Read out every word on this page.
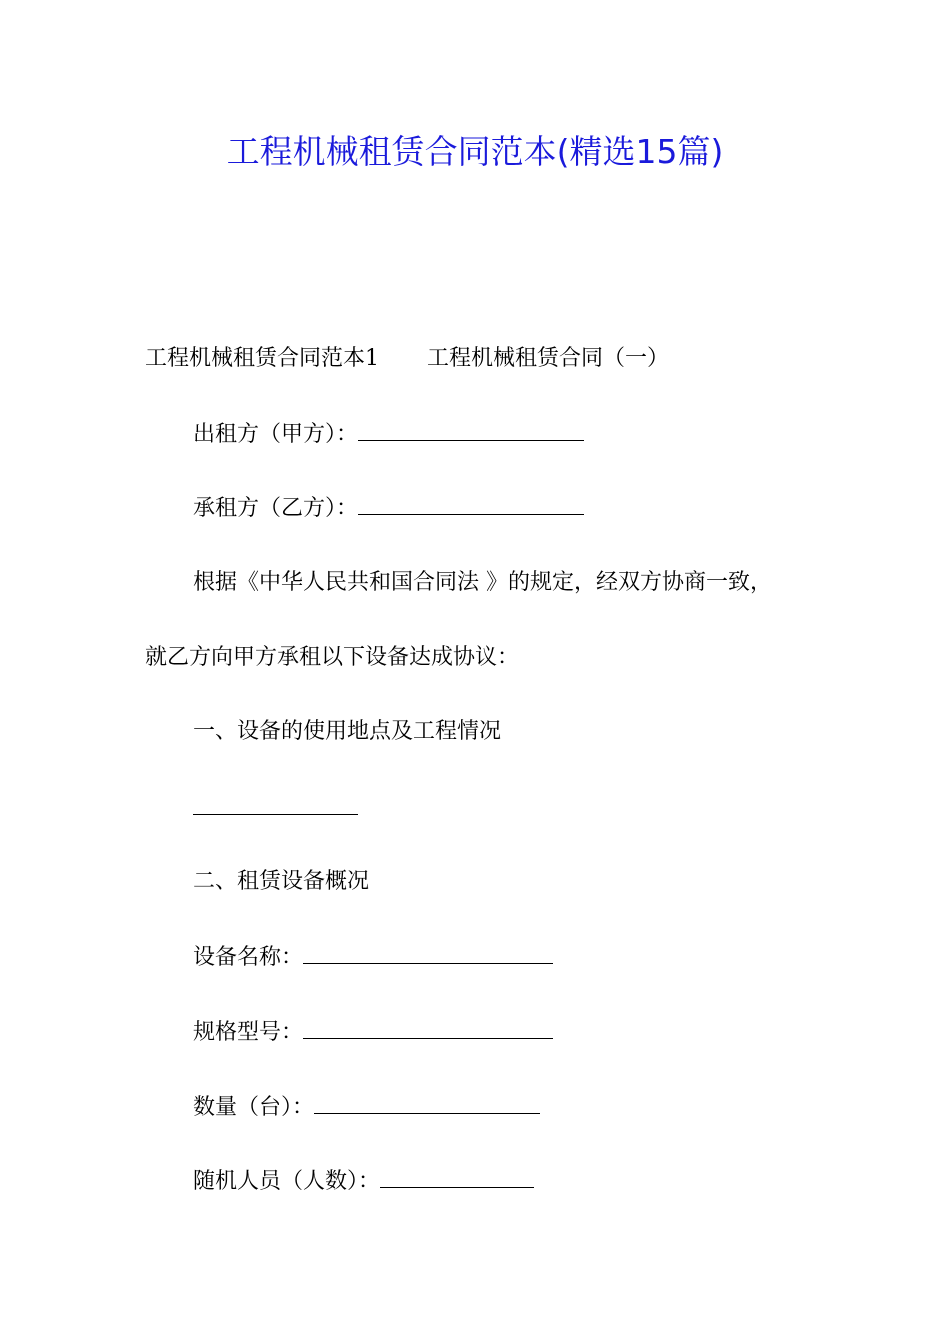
工程机械租赁合同范本(精选15篇)
工程机械租赁合同范本1 工程机械租赁合同（一）
出租方（甲方）：
承租方（乙方）：
根据《中华人民共和国合同法 》的规定，经双方协商一致，
就乙方向甲方承租以下设备达成协议：
一、设备的使用地点及工程情况
二、租赁设备概况
设备名称：
规格型号：
数量（台）：
随机人员（人数）：
